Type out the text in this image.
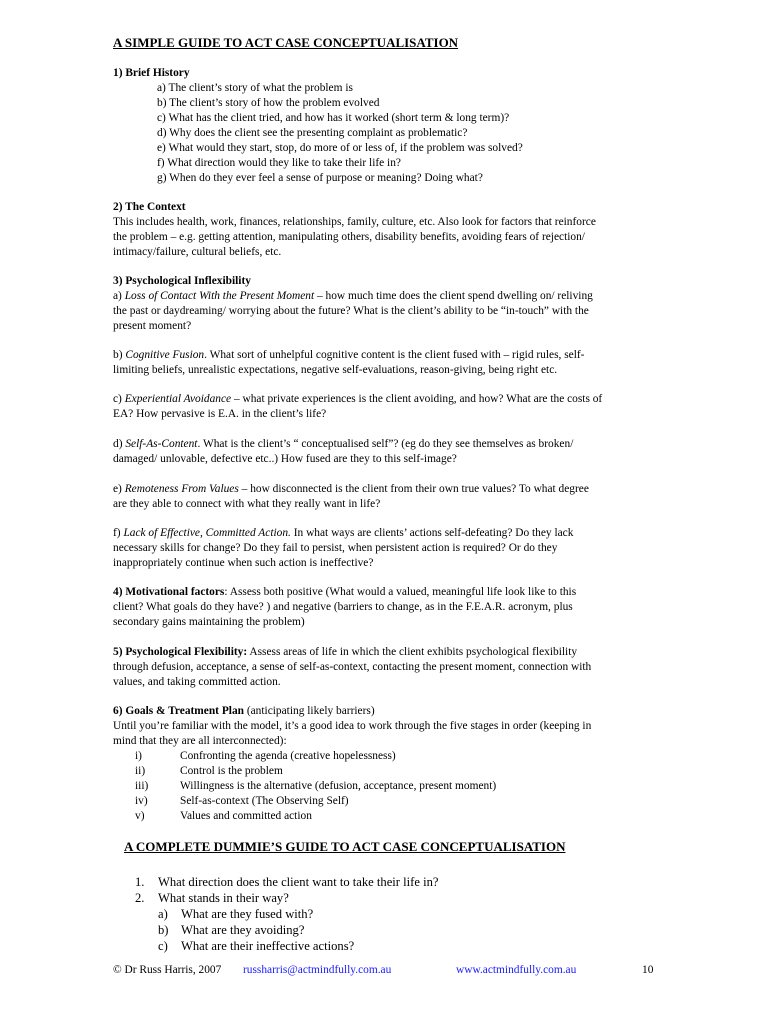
A SIMPLE GUIDE TO ACT CASE CONCEPTUALISATION
1) Brief History
a) The client’s story of what the problem is
b) The client’s story of how the problem evolved
c) What has the client tried, and how has it worked (short term & long term)?
d) Why does the client see the presenting complaint as problematic?
e) What would they start, stop, do more of or less of, if the problem was solved?
f) What direction would they like to take their life in?
g) When do they ever feel a sense of purpose or meaning? Doing what?
2) The Context
This includes health, work, finances, relationships, family, culture, etc. Also look for factors that reinforce
the problem – e.g. getting attention, manipulating others, disability benefits, avoiding fears of rejection/
intimacy/failure, cultural beliefs, etc.
3) Psychological Inflexibility
a) Loss of Contact With the Present Moment – how much time does the client spend dwelling on/ reliving
the past or daydreaming/ worrying about the future? What is the client’s ability to be “in-touch” with the
present moment?
b) Cognitive Fusion. What sort of unhelpful cognitive content is the client fused with – rigid rules, self-
limiting beliefs, unrealistic expectations, negative self-evaluations, reason-giving, being right etc.
c) Experiential Avoidance – what private experiences is the client avoiding, and how? What are the costs of
EA? How pervasive is E.A. in the client’s life?
d) Self-As-Content. What is the client’s “ conceptualised self”? (eg do they see themselves as broken/
damaged/ unlovable, defective etc..) How fused are they to this self-image?
e) Remoteness From Values – how disconnected is the client from their own true values? To what degree
are they able to connect with what they really want in life?
f) Lack of Effective, Committed Action. In what ways are clients’ actions self-defeating? Do they lack
necessary skills for change? Do they fail to persist, when persistent action is required? Or do they
inappropriately continue when such action is ineffective?
4) Motivational factors: Assess both positive (What would a valued, meaningful life look like to this
client? What goals do they have? ) and negative (barriers to change, as in the F.E.A.R. acronym, plus
secondary gains maintaining the problem)
5) Psychological Flexibility: Assess areas of life in which the client exhibits psychological flexibility
through defusion, acceptance, a sense of self-as-context, contacting the present moment, connection with
values, and taking committed action.
6) Goals & Treatment Plan (anticipating likely barriers)
Until you’re familiar with the model, it’s a good idea to work through the five stages in order (keeping in
mind that they are all interconnected):
i)
ii)
iii)
iv)
v)
Confronting the agenda (creative hopelessness)
Control is the problem
Willingness is the alternative (defusion, acceptance, present moment)
Self-as-context (The Observing Self)
Values and committed action
A COMPLETE DUMMIE’S GUIDE TO ACT CASE CONCEPTUALISATION
1.
2.
What direction does the client want to take their life in?
What stands in their way?
a)
b)
c)
What are they fused with?
What are they avoiding?
What are their ineffective actions?
© Dr Russ Harris, 2007 russharris@actmindfully.com.au	www.actmindfully.com.au	10
